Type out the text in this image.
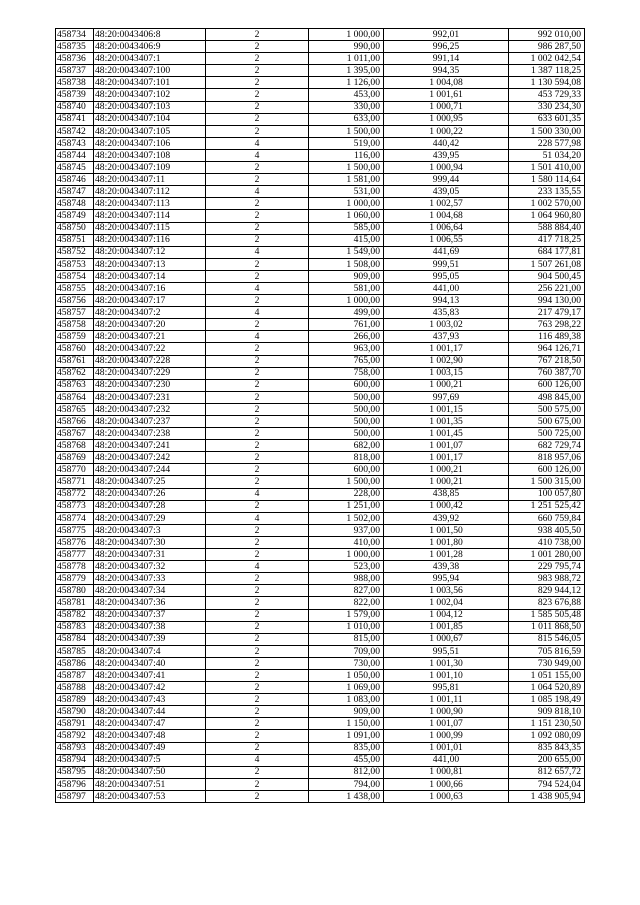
458734	48:20:0043406:8	2	1 000,00	992,01	992 010,00
458735	48:20:0043406:9	2	990,00	996,25	986 287,50
458736	48:20:0043407:1	2	1 011,00	991,14	1 002 042,54
458737	48:20:0043407:100	2	1 395,00	994,35	1 387 118,25
458738	48:20:0043407:101	2	1 126,00	1 004,08	1 130 594,08
458739	48:20:0043407:102	2	453,00	1 001,61	453 729,33
458740	48:20:0043407:103	2	330,00	1 000,71	330 234,30
458741	48:20:0043407:104	2	633,00	1 000,95	633 601,35
458742	48:20:0043407:105	2	1 500,00	1 000,22	1 500 330,00
458743	48:20:0043407:106	4	519,00	440,42	228 577,98
458744	48:20:0043407:108	4	116,00	439,95	51 034,20
458745	48:20:0043407:109	2	1 500,00	1 000,94	1 501 410,00
458746	48:20:0043407:11	2	1 581,00	999,44	1 580 114,64
458747	48:20:0043407:112	4	531,00	439,05	233 135,55
458748	48:20:0043407:113	2	1 000,00	1 002,57	1 002 570,00
458749	48:20:0043407:114	2	1 060,00	1 004,68	1 064 960,80
458750	48:20:0043407:115	2	585,00	1 006,64	588 884,40
458751	48:20:0043407:116	2	415,00	1 006,55	417 718,25
458752	48:20:0043407:12	4	1 549,00	441,69	684 177,81
458753	48:20:0043407:13	2	1 508,00	999,51	1 507 261,08
458754	48:20:0043407:14	2	909,00	995,05	904 500,45
458755	48:20:0043407:16	4	581,00	441,00	256 221,00
458756	48:20:0043407:17	2	1 000,00	994,13	994 130,00
458757	48:20:0043407:2	4	499,00	435,83	217 479,17
458758	48:20:0043407:20	2	761,00	1 003,02	763 298,22
458759	48:20:0043407:21	4	266,00	437,93	116 489,38
458760	48:20:0043407:22	2	963,00	1 001,17	964 126,71
458761	48:20:0043407:228	2	765,00	1 002,90	767 218,50
458762	48:20:0043407:229	2	758,00	1 003,15	760 387,70
458763	48:20:0043407:230	2	600,00	1 000,21	600 126,00
458764	48:20:0043407:231	2	500,00	997,69	498 845,00
458765	48:20:0043407:232	2	500,00	1 001,15	500 575,00
458766	48:20:0043407:237	2	500,00	1 001,35	500 675,00
458767	48:20:0043407:238	2	500,00	1 001,45	500 725,00
458768	48:20:0043407:241	2	682,00	1 001,07	682 729,74
458769	48:20:0043407:242	2	818,00	1 001,17	818 957,06
458770	48:20:0043407:244	2	600,00	1 000,21	600 126,00
458771	48:20:0043407:25	2	1 500,00	1 000,21	1 500 315,00
458772	48:20:0043407:26	4	228,00	438,85	100 057,80
458773	48:20:0043407:28	2	1 251,00	1 000,42	1 251 525,42
458774	48:20:0043407:29	4	1 502,00	439,92	660 759,84
458775	48:20:0043407:3	2	937,00	1 001,50	938 405,50
458776	48:20:0043407:30	2	410,00	1 001,80	410 738,00
458777	48:20:0043407:31	2	1 000,00	1 001,28	1 001 280,00
458778	48:20:0043407:32	4	523,00	439,38	229 795,74
458779	48:20:0043407:33	2	988,00	995,94	983 988,72
458780	48:20:0043407:34	2	827,00	1 003,56	829 944,12
458781	48:20:0043407:36	2	822,00	1 002,04	823 676,88
458782	48:20:0043407:37	2	1 579,00	1 004,12	1 585 505,48
458783	48:20:0043407:38	2	1 010,00	1 001,85	1 011 868,50
458784	48:20:0043407:39	2	815,00	1 000,67	815 546,05
458785	48:20:0043407:4	2	709,00	995,51	705 816,59
458786	48:20:0043407:40	2	730,00	1 001,30	730 949,00
458787	48:20:0043407:41	2	1 050,00	1 001,10	1 051 155,00
458788	48:20:0043407:42	2	1 069,00	995,81	1 064 520,89
458789	48:20:0043407:43	2	1 083,00	1 001,11	1 085 198,49
458790	48:20:0043407:44	2	909,00	1 000,90	909 818,10
458791	48:20:0043407:47	2	1 150,00	1 001,07	1 151 230,50
458792	48:20:0043407:48	2	1 091,00	1 000,99	1 092 080,09
458793	48:20:0043407:49	2	835,00	1 001,01	835 843,35
458794	48:20:0043407:5	4	455,00	441,00	200 655,00
458795	48:20:0043407:50	2	812,00	1 000,81	812 657,72
458796	48:20:0043407:51	2	794,00	1 000,66	794 524,04
458797	48:20:0043407:53	2	1 438,00	1 000,63	1 438 905,94
